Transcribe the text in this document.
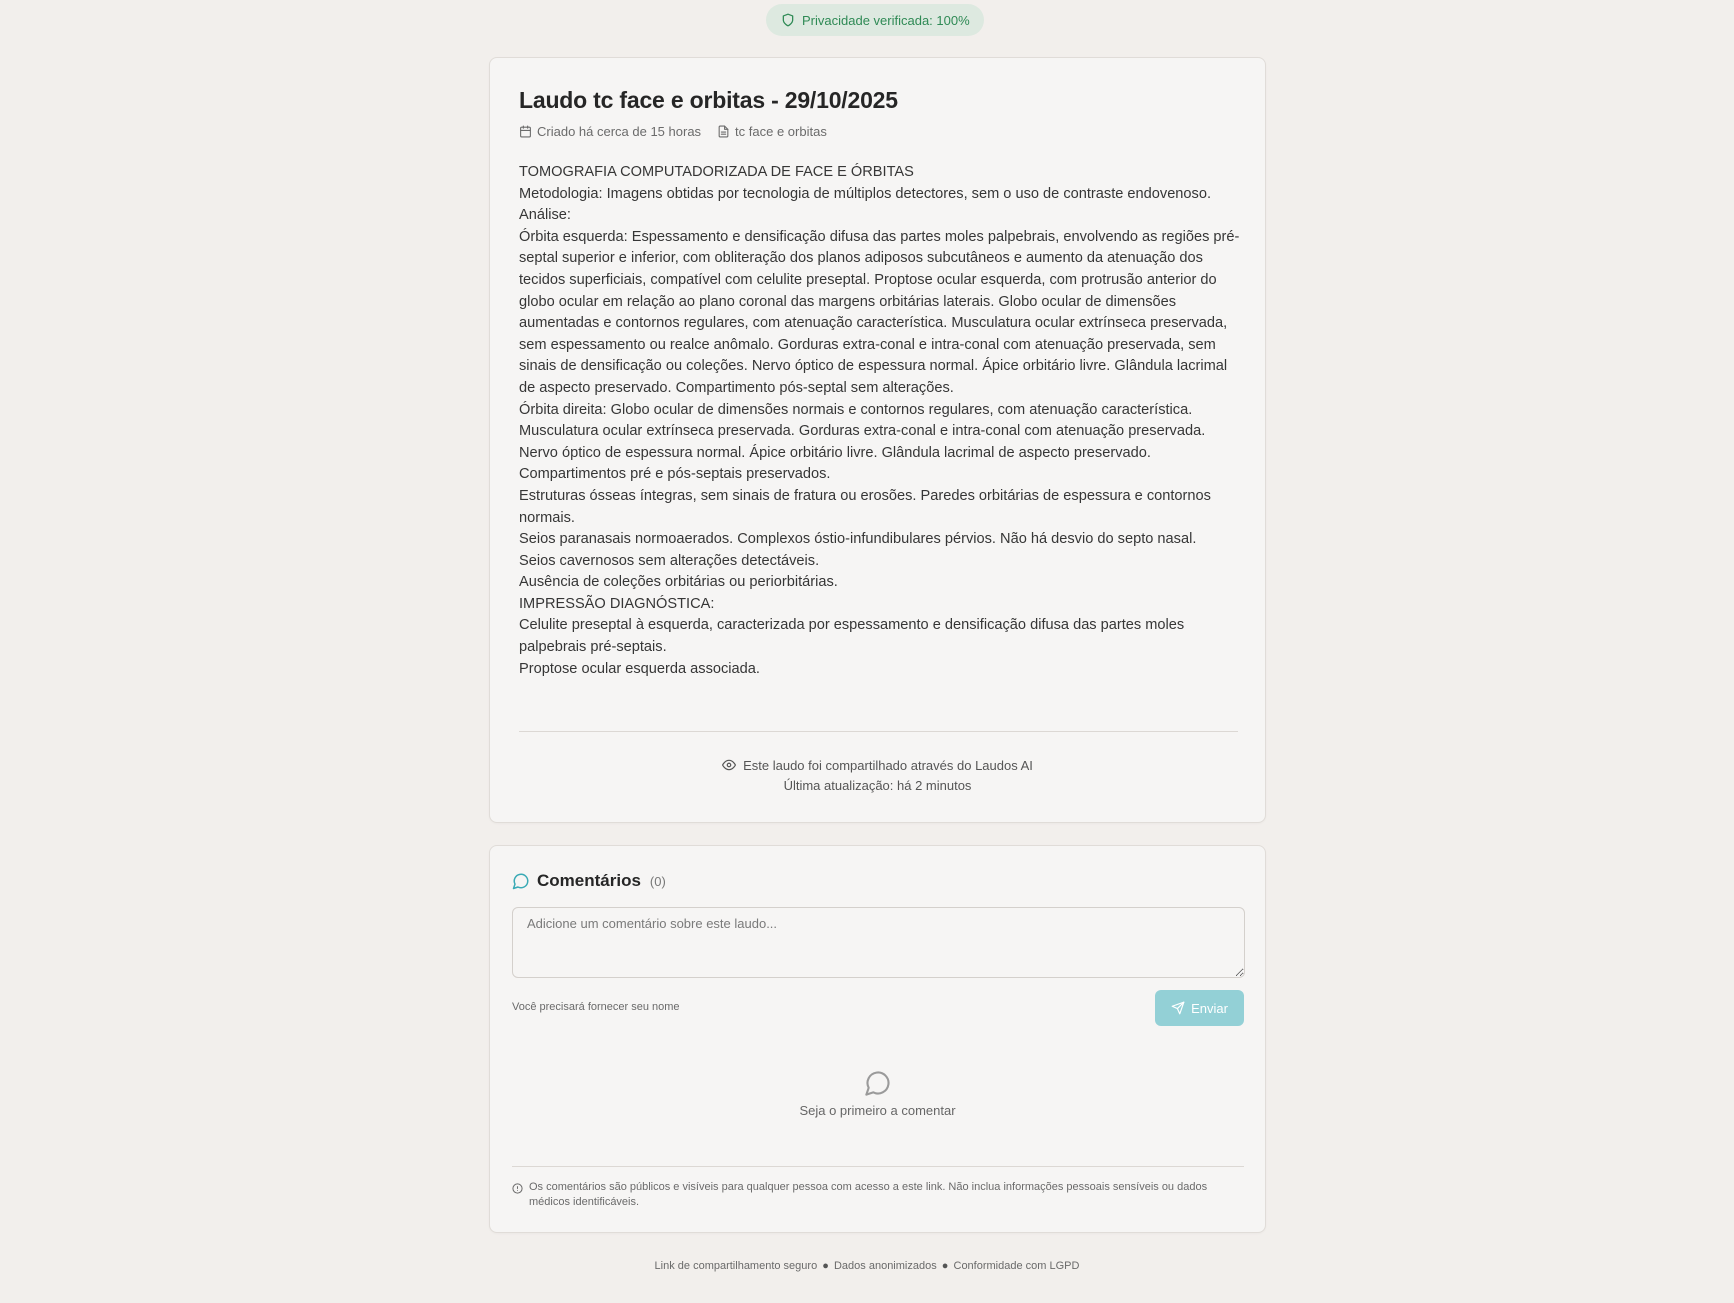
Privacidade verificada: 100%
Laudo tc face e orbitas - 29/10/2025
Criado há cerca de 15 horas	tc face e orbitas

TOMOGRAFIA COMPUTADORIZADA DE FACE E ÓRBITAS

Metodologia: Imagens obtidas por tecnologia de múltiplos detectores, sem o uso de contraste endovenoso.

Análise:

Órbita esquerda: Espessamento e densificação difusa das partes moles palpebrais, envolvendo as regiões pré-septal superior e inferior, com obliteração dos planos adiposos subcutâneos e aumento da atenuação dos tecidos superficiais, compatível com celulite preseptal. Proptose ocular esquerda, com protrusão anterior do globo ocular em relação ao plano coronal das margens orbitárias laterais. Globo ocular de dimensões aumentadas e contornos regulares, com atenuação característica. Musculatura ocular extrínseca preservada, sem espessamento ou realce anômalo. Gorduras extra-conal e intra-conal com atenuação preservada, sem sinais de densificação ou coleções. Nervo óptico de espessura normal. Ápice orbitário livre. Glândula lacrimal de aspecto preservado. Compartimento pós-septal sem alterações.

Órbita direita: Globo ocular de dimensões normais e contornos regulares, com atenuação característica. Musculatura ocular extrínseca preservada. Gorduras extra-conal e intra-conal com atenuação preservada. Nervo óptico de espessura normal. Ápice orbitário livre. Glândula lacrimal de aspecto preservado. Compartimentos pré e pós-septais preservados.

Estruturas ósseas íntegras, sem sinais de fratura ou erosões. Paredes orbitárias de espessura e contornos normais.

Seios paranasais normoaerados. Complexos óstio-infundibulares pérvios. Não há desvio do septo nasal.

Seios cavernosos sem alterações detectáveis.

Ausência de coleções orbitárias ou periorbitárias.

IMPRESSÃO DIAGNÓSTICA:

Celulite preseptal à esquerda, caracterizada por espessamento e densificação difusa das partes moles palpebrais pré-septais.

Proptose ocular esquerda associada.

Este laudo foi compartilhado através do Laudos AI
Última atualização: há 2 minutos
Comentários (0)
Adicione um comentário sobre este laudo...
Você precisará fornecer seu nome	Enviar
Seja o primeiro a comentar
Os comentários são públicos e visíveis para qualquer pessoa com acesso a este link. Não inclua informações pessoais sensíveis ou dados médicos identificáveis.
Link de compartilhamento seguro ● Dados anonimizados ● Conformidade com LGPD
